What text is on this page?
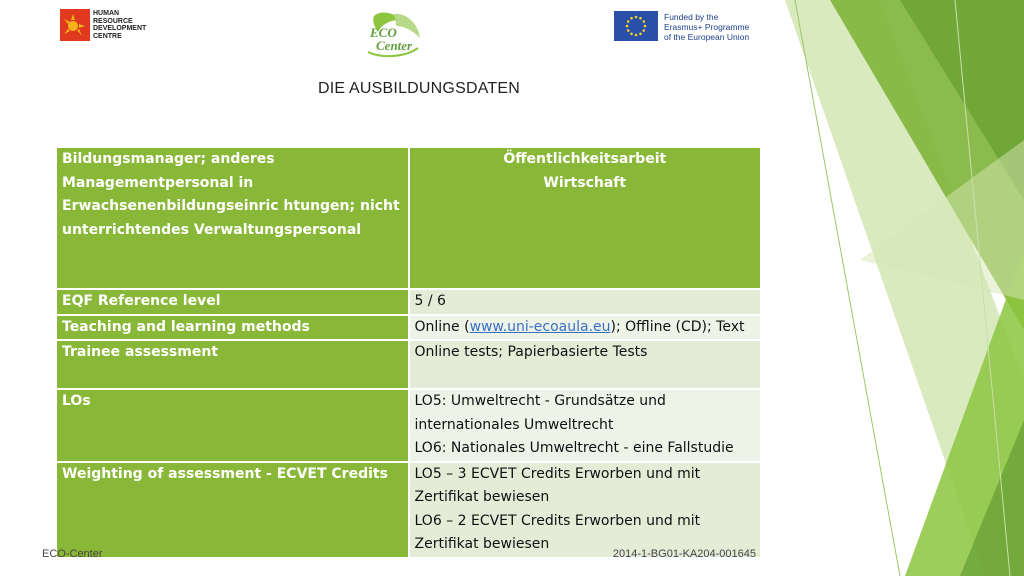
HUMAN
RESOURCE
DEVELOPMENT
CENTRE	ECO
Center
Funded by the
Erasmus+ Programme
of the European Union
DIE AUSBILDUNGSDATEN
Bildungsmanager; anderes Managementpersonal in Erwachsenenbildungseinric htungen; nicht unterrichtendes Verwaltungspersonal	Öffentlichkeitsarbeit
Wirtschaft

EQF Reference level	5 / 6
Teaching and learning methods	Online (www.uni-ecoaula.eu); Offline (CD); Text
Trainee assessment	Online tests; Papierbasierte Tests
LOs	LO5: Umweltrecht - Grundsätze und internationales Umweltrecht
LO6: Nationales Umweltrecht - eine Fallstudie

Weighting of assessment - ECVET Credits	LO5 – 3 ECVET Credits Erworben und mit Zertifikat bewiesen
LO6 – 2 ECVET Credits Erworben und mit Zertifikat bewiesen
ECO-Center	2014-1-BG01-KA204-001645
